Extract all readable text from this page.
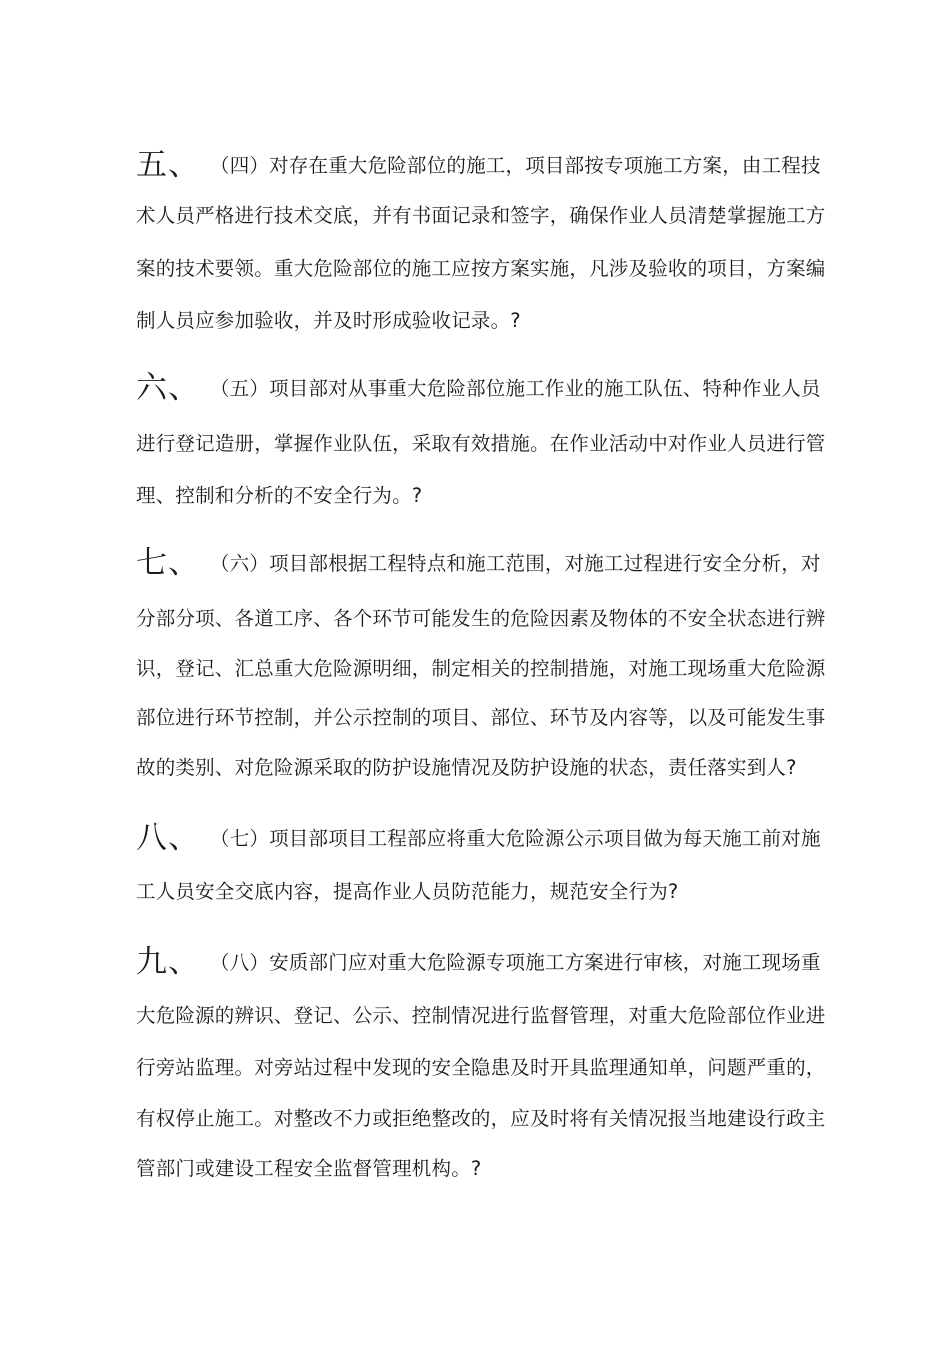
五、 （四）对存在重大危险部位的施工，项目部按专项施工方案，由工程技
术人员严格进行技术交底，并有书面记录和签字，确保作业人员清楚掌握施工方
案的技术要领。重大危险部位的施工应按方案实施，凡涉及验收的项目，方案编
制人员应参加验收，并及时形成验收记录。?
六、 （五）项目部对从事重大危险部位施工作业的施工队伍、特种作业人员
进行登记造册，掌握作业队伍，采取有效措施。在作业活动中对作业人员进行管
理、控制和分析的不安全行为。?
七、 （六）项目部根据工程特点和施工范围，对施工过程进行安全分析，对
分部分项、各道工序、各个环节可能发生的危险因素及物体的不安全状态进行辨
识，登记、汇总重大危险源明细，制定相关的控制措施，对施工现场重大危险源
部位进行环节控制，并公示控制的项目、部位、环节及内容等，以及可能发生事
故的类别、对危险源采取的防护设施情况及防护设施的状态，责任落实到人?
八、 （七）项目部项目工程部应将重大危险源公示项目做为每天施工前对施
工人员安全交底内容，提高作业人员防范能力，规范安全行为?
九、 （八）安质部门应对重大危险源专项施工方案进行审核，对施工现场重
大危险源的辨识、登记、公示、控制情况进行监督管理，对重大危险部位作业进
行旁站监理。对旁站过程中发现的安全隐患及时开具监理通知单，问题严重的，
有权停止施工。对整改不力或拒绝整改的，应及时将有关情况报当地建设行政主
管部门或建设工程安全监督管理机构。?
